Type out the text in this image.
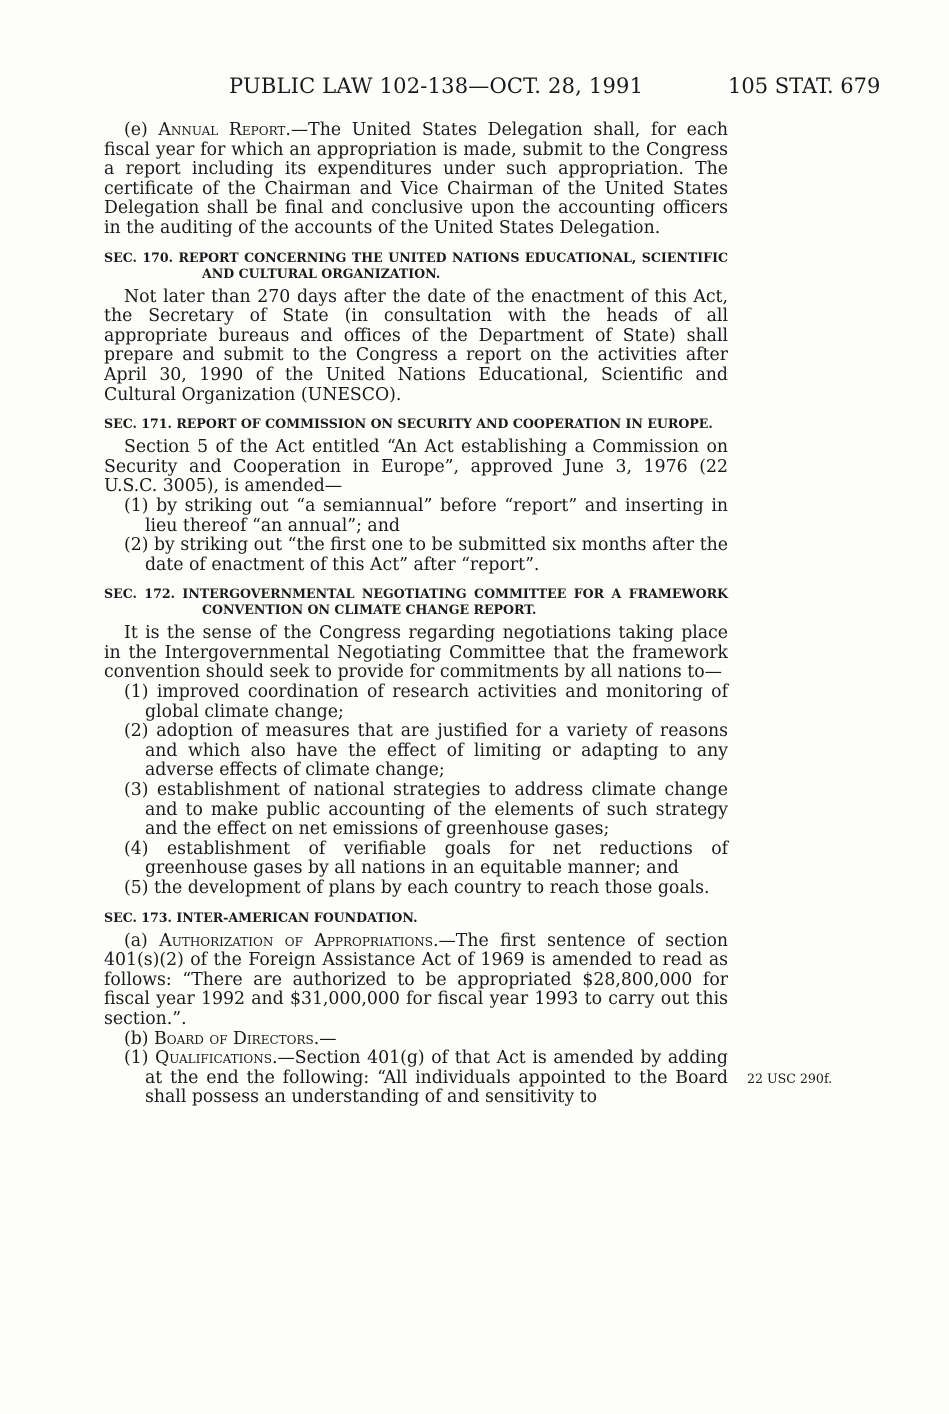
PUBLIC LAW 102-138—OCT. 28, 1991	105 STAT. 679

(e) Annual Report.—The United States Delegation shall, for each fiscal year for which an appropriation is made, submit to the Congress a report including its expenditures under such appropriation. The certificate of the Chairman and Vice Chairman of the United States Delegation shall be final and conclusive upon the accounting officers in the auditing of the accounts of the United States Delegation.

SEC. 170. REPORT CONCERNING THE UNITED NATIONS EDUCATIONAL, SCIENTIFIC AND CULTURAL ORGANIZATION.

Not later than 270 days after the date of the enactment of this Act, the Secretary of State (in consultation with the heads of all appropriate bureaus and offices of the Department of State) shall prepare and submit to the Congress a report on the activities after April 30, 1990 of the United Nations Educational, Scientific and Cultural Organization (UNESCO).

SEC. 171. REPORT OF COMMISSION ON SECURITY AND COOPERATION IN EUROPE.

Section 5 of the Act entitled “An Act establishing a Commission on Security and Cooperation in Europe”, approved June 3, 1976 (22 U.S.C. 3005), is amended—

(1) by striking out “a semiannual” before “report” and inserting in lieu thereof “an annual”; and

(2) by striking out “the first one to be submitted six months after the date of enactment of this Act” after “report”.

SEC. 172. INTERGOVERNMENTAL NEGOTIATING COMMITTEE FOR A FRAMEWORK CONVENTION ON CLIMATE CHANGE REPORT.

It is the sense of the Congress regarding negotiations taking place in the Intergovernmental Negotiating Committee that the framework convention should seek to provide for commitments by all nations to—

(1) improved coordination of research activities and monitoring of global climate change;

(2) adoption of measures that are justified for a variety of reasons and which also have the effect of limiting or adapting to any adverse effects of climate change;

(3) establishment of national strategies to address climate change and to make public accounting of the elements of such strategy and the effect on net emissions of greenhouse gases;

(4) establishment of verifiable goals for net reductions of greenhouse gases by all nations in an equitable manner; and

(5) the development of plans by each country to reach those goals.

SEC. 173. INTER-AMERICAN FOUNDATION.

(a) Authorization of Appropriations.—The first sentence of section 401(s)(2) of the Foreign Assistance Act of 1969 is amended to read as follows: “There are authorized to be appropriated $28,800,000 for fiscal year 1992 and $31,000,000 for fiscal year 1993 to carry out this section.”.

(b) Board of Directors.—

(1) Qualifications.—Section 401(g) of that Act is amended by adding at the end the following: “All individuals appointed to the Board shall possess an understanding of and sensitivity to

22 USC 290f.
